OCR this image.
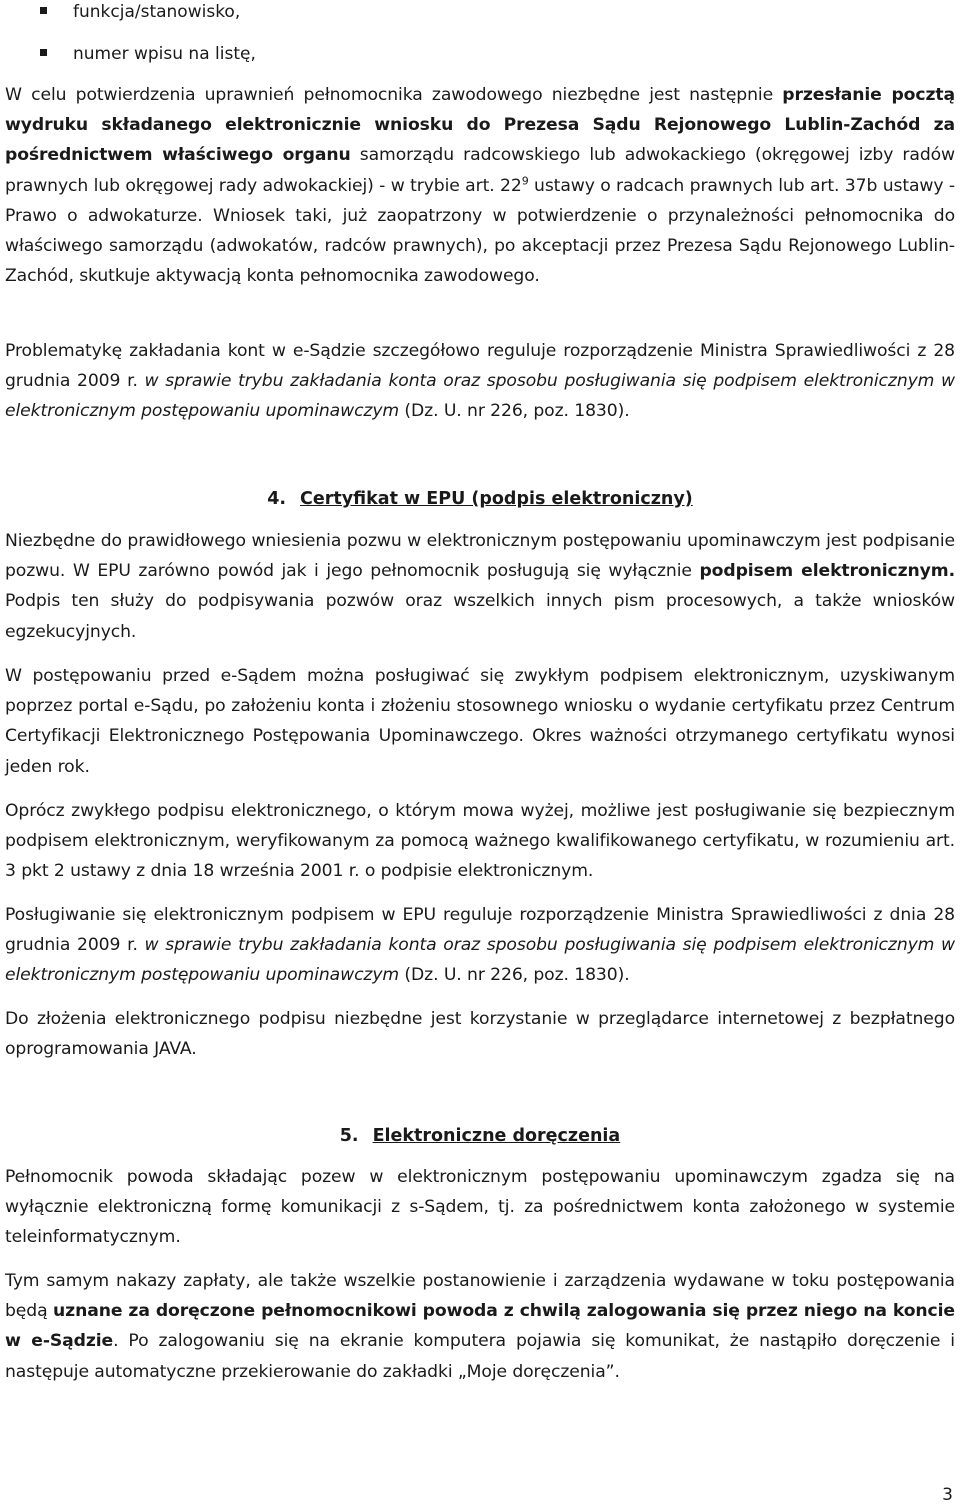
funkcja/stanowisko,
numer wpisu na listę,
W celu potwierdzenia uprawnień pełnomocnika zawodowego niezbędne jest następnie przesłanie pocztą wydruku składanego elektronicznie wniosku do Prezesa Sądu Rejonowego Lublin-Zachód za pośrednictwem właściwego organu samorządu radcowskiego lub adwokackiego (okręgowej izby radów prawnych lub okręgowej rady adwokackiej) - w trybie art. $22^9$ ustawy o radcach prawnych lub art. 37b ustawy - Prawo o adwokaturze. Wniosek taki, już zaopatrzony w potwierdzenie o przynależności pełnomocnika do właściwego samorządu (adwokatów, radców prawnych), po akceptacji przez Prezesa Sądu Rejonowego Lublin-Zachód, skutkuje aktywacją konta pełnomocnika zawodowego.
Problematykę zakładania kont w e-Sądzie szczegółowo reguluje rozporządzenie Ministra Sprawiedliwości z 28 grudnia 2009 r. w sprawie trybu zakładania konta oraz sposobu posługiwania się podpisem elektronicznym w elektronicznym postępowaniu upominawczym (Dz. U. nr 226, poz. 1830).
4. Certyfikat w EPU (podpis elektroniczny)
Niezbędne do prawidłowego wniesienia pozwu w elektronicznym postępowaniu upominawczym jest podpisanie pozwu. W EPU zarówno powód jak i jego pełnomocnik posługują się wyłącznie podpisem elektronicznym. Podpis ten służy do podpisywania pozwów oraz wszelkich innych pism procesowych, a także wniosków egzekucyjnych.
W postępowaniu przed e-Sądem można posługiwać się zwykłym podpisem elektronicznym, uzyskiwanym poprzez portal e-Sądu, po założeniu konta i złożeniu stosownego wniosku o wydanie certyfikatu przez Centrum Certyfikacji Elektronicznego Postępowania Upominawczego. Okres ważności otrzymanego certyfikatu wynosi jeden rok.
Oprócz zwykłego podpisu elektronicznego, o którym mowa wyżej, możliwe jest posługiwanie się bezpiecznym podpisem elektronicznym, weryfikowanym za pomocą ważnego kwalifikowanego certyfikatu, w rozumieniu art. 3 pkt 2 ustawy z dnia 18 września 2001 r. o podpisie elektronicznym.
Posługiwanie się elektronicznym podpisem w EPU reguluje rozporządzenie Ministra Sprawiedliwości z dnia 28 grudnia 2009 r. w sprawie trybu zakładania konta oraz sposobu posługiwania się podpisem elektronicznym w elektronicznym postępowaniu upominawczym (Dz. U. nr 226, poz. 1830).
Do złożenia elektronicznego podpisu niezbędne jest korzystanie w przeglądarce internetowej z bezpłatnego oprogramowania JAVA.
5. Elektroniczne doręczenia
Pełnomocnik powoda składając pozew w elektronicznym postępowaniu upominawczym zgadza się na wyłącznie elektroniczną formę komunikacji z s-Sądem, tj. za pośrednictwem konta założonego w systemie teleinformatycznym.
Tym samym nakazy zapłaty, ale także wszelkie postanowienie i zarządzenia wydawane w toku postępowania będą uznane za doręczone pełnomocnikowi powoda z chwilą zalogowania się przez niego na koncie w e-Sądzie. Po zalogowaniu się na ekranie komputera pojawia się komunikat, że nastąpiło doręczenie i następuje automatyczne przekierowanie do zakładki „Moje doręczenia”.
3
